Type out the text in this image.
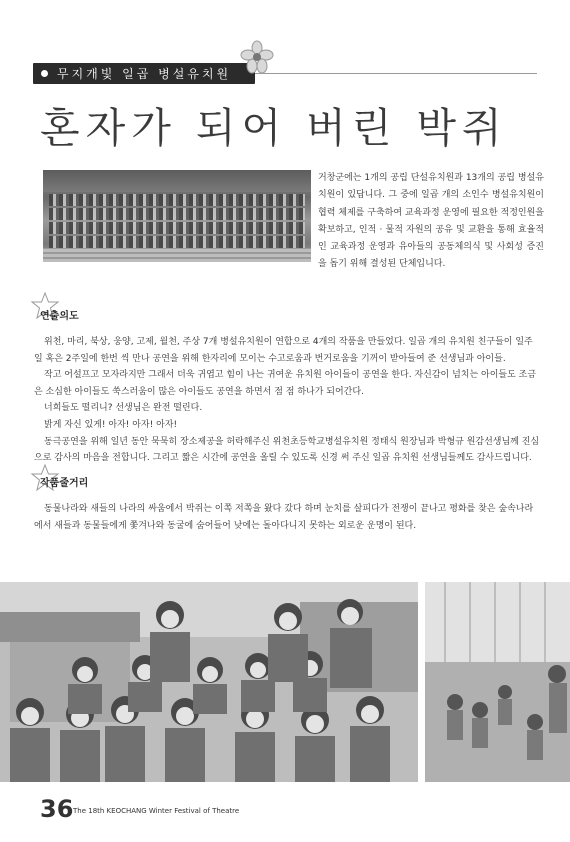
무지개빛 일곱 병설유치원
혼자가 되어 버린 박쥐
거창군에는 1개의 공립 단설유치원과 13개의 공립 병설유치원이 있답니다. 그 중에 일곱 개의 소인수 병설유치원이 협력 체제를 구축하여 교육과정 운영에 필요한 적정인원을 확보하고, 인적 · 물적 자원의 공유 및 교환을 통해 효율적인 교육과정 운영과 유아들의 공동체의식 및 사회성 증진을 돕기 위해 결성된 단체입니다.
연출의도

위천, 마리, 북상, 웅양, 고제, 월천, 주상 7개 병설유치원이 연합으로 4개의 작품을 만들었다. 일곱 개의 유치원 친구들이 일주일 혹은 2주일에 한번 씩 만나 공연을 위해 한자리에 모이는 수고로움과 번거로움을 기꺼이 받아들여 준 선생님과 아이들.

작고 어설프고 모자라지만 그래서 더욱 귀엽고 힘이 나는 귀여운 유치원 아이들이 공연을 한다. 자신감이 넘치는 아이들도 조금은 소심한 아이들도 쑥스러움이 많은 아이들도 공연을 하면서 점 점 하나가 되어간다.

너희들도 떨리니? 선생님은 완전 떨린다.

밝게 자신 있게! 아자! 아자! 아자!

동극공연을 위해 일년 동안 묵묵히 장소제공을 허락해주신 위천초등학교병설유치원 정태식 원장님과 박형규 원감선생님께 진심으로 감사의 마음을 전합니다. 그리고 짧은 시간에 공연을 올릴 수 있도록 신경 써 주신 일곱 유치원 선생님들께도 감사드립니다.

작품줄거리

동물나라와 새들의 나라의 싸움에서 박쥐는 이쪽 저쪽을 왔다 갔다 하며 눈치를 살피다가 전쟁이 끝나고 평화를 찾은 숲속나라에서 새들과 동물들에게 쫓겨나와 동굴에 숨어들어 낮에는 돌아다니지 못하는 외로운 운명이 된다.

36 The 18th KEOCHANG Winter Festival of Theatre
